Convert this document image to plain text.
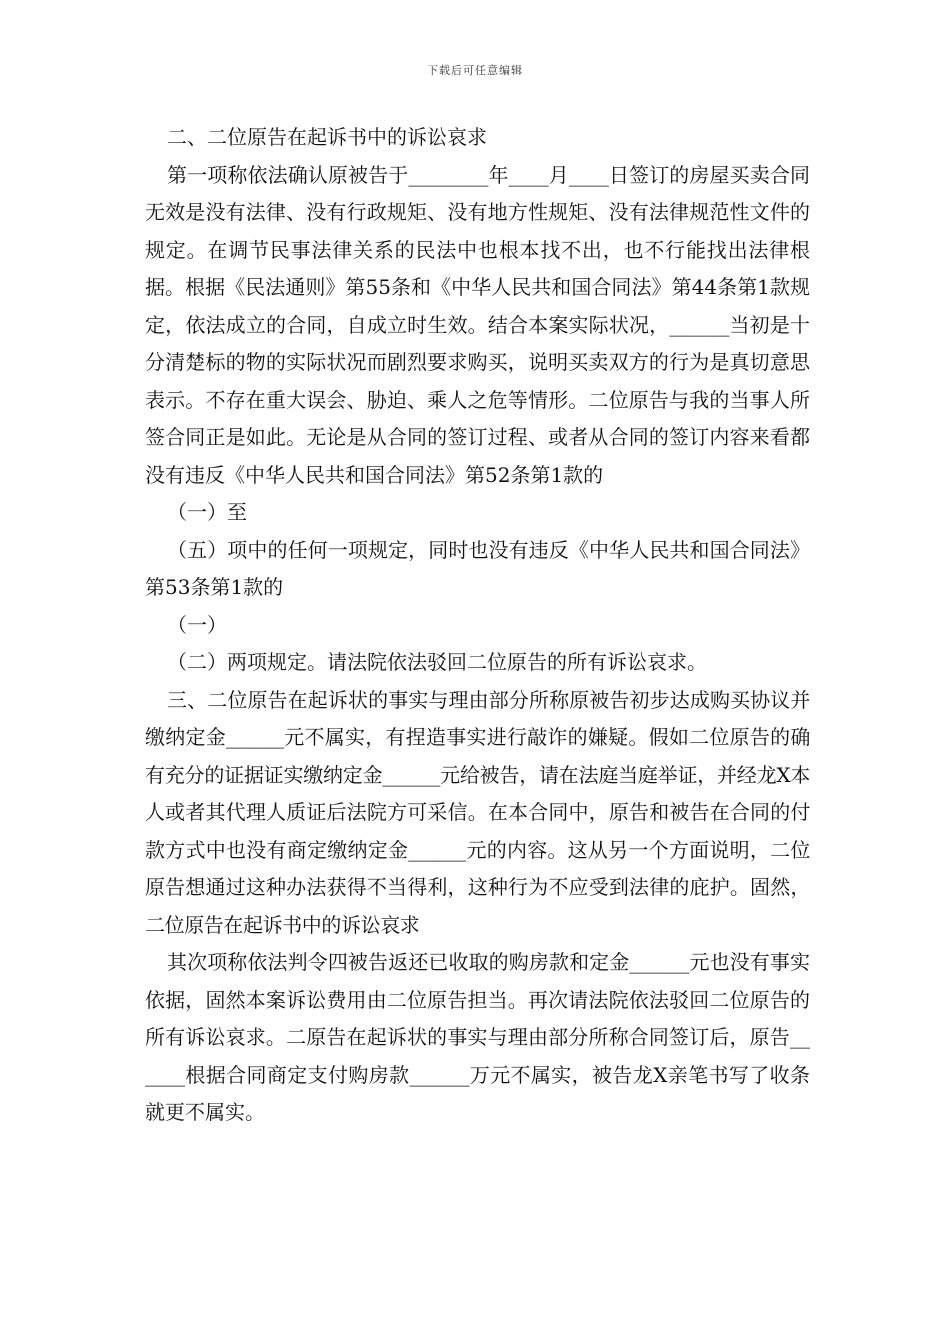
下载后可任意编辑

二、二位原告在起诉书中的诉讼哀求

第一项称依法确认原被告于________年____月____日签订的房屋买卖合同无效是没有法律、没有行政规矩、没有地方性规矩、没有法律规范性文件的规定。在调节民事法律关系的民法中也根本找不出，也不行能找出法律根据。根据《民法通则》第55条和《中华人民共和国合同法》第44条第1款规定，依法成立的合同，自成立时生效。结合本案实际状况，______当初是十分清楚标的物的实际状况而剧烈要求购买，说明买卖双方的行为是真切意思表示。不存在重大误会、胁迫、乘人之危等情形。二位原告与我的当事人所签合同正是如此。无论是从合同的签订过程、或者从合同的签订内容来看都没有违反《中华人民共和国合同法》第52条第1款的

（一）至

（五）项中的任何一项规定，同时也没有违反《中华人民共和国合同法》第53条第1款的

（一）

（二）两项规定。请法院依法驳回二位原告的所有诉讼哀求。

三、二位原告在起诉状的事实与理由部分所称原被告初步达成购买协议并缴纳定金______元不属实，有捏造事实进行敲诈的嫌疑。假如二位原告的确有充分的证据证实缴纳定金______元给被告，请在法庭当庭举证，并经龙X本人或者其代理人质证后法院方可采信。在本合同中，原告和被告在合同的付款方式中也没有商定缴纳定金______元的内容。这从另一个方面说明，二位原告想通过这种办法获得不当得利，这种行为不应受到法律的庇护。固然，二位原告在起诉书中的诉讼哀求

其次项称依法判令四被告返还已收取的购房款和定金______元也没有事实依据，固然本案诉讼费用由二位原告担当。再次请法院依法驳回二位原告的所有诉讼哀求。二原告在起诉状的事实与理由部分所称合同签订后，原告______根据合同商定支付购房款______万元不属实，被告龙X亲笔书写了收条就更不属实。
